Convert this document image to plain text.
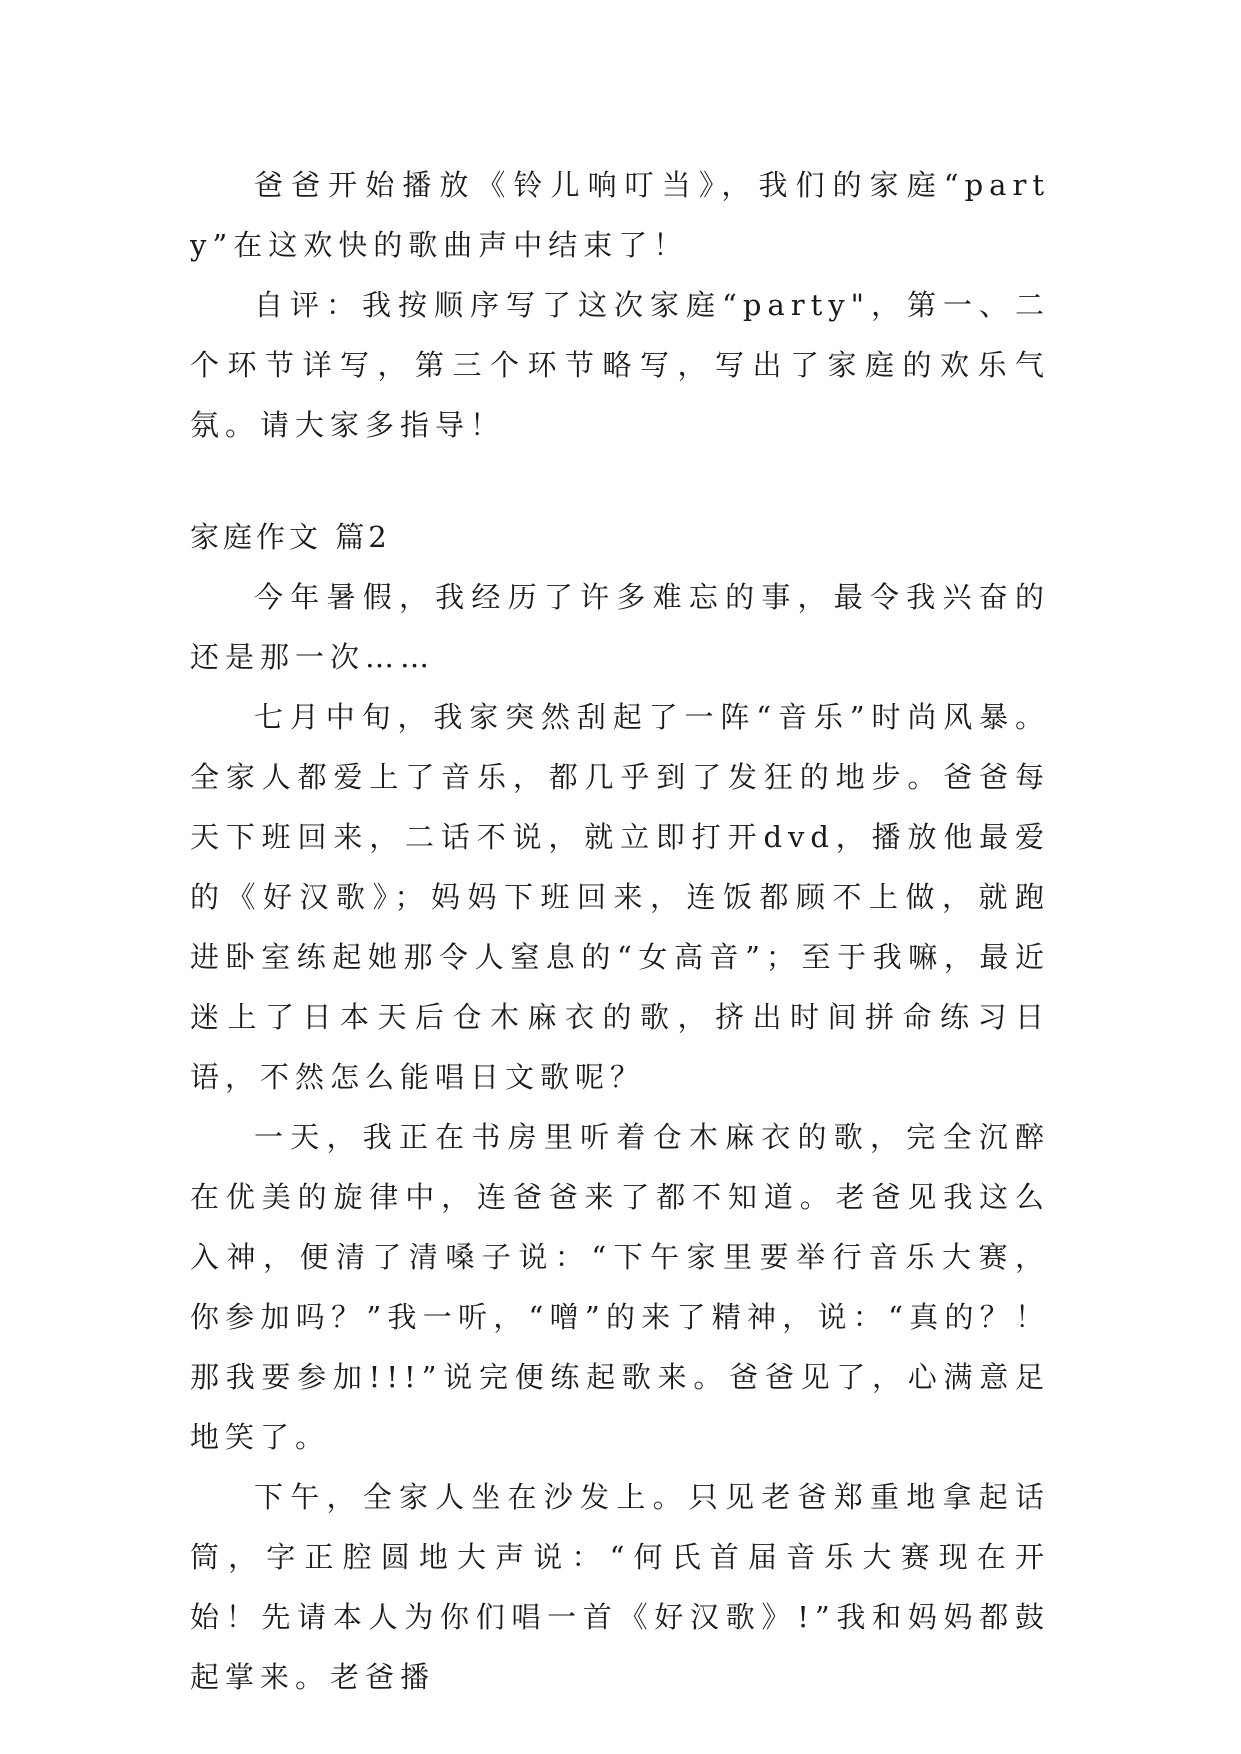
爸爸开始播放《铃儿响叮当》，我们的家庭“party”在这欢快的歌曲声中结束了！

自评：我按顺序写了这次家庭“party"，第一、二个环节详写，第三个环节略写，写出了家庭的欢乐气氛。请大家多指导！

家庭作文 篇2

今年暑假，我经历了许多难忘的事，最令我兴奋的还是那一次……

七月中旬，我家突然刮起了一阵“音乐”时尚风暴。全家人都爱上了音乐，都几乎到了发狂的地步。爸爸每天下班回来，二话不说，就立即打开dvd，播放他最爱的《好汉歌》；妈妈下班回来，连饭都顾不上做，就跑进卧室练起她那令人窒息的“女高音”；至于我嘛，最近迷上了日本天后仓木麻衣的歌，挤出时间拼命练习日语，不然怎么能唱日文歌呢？

一天，我正在书房里听着仓木麻衣的歌，完全沉醉在优美的旋律中，连爸爸来了都不知道。老爸见我这么入神，便清了清嗓子说：“下午家里要举行音乐大赛，你参加吗？”我一听，“噌”的来了精神，说：“真的？！那我要参加!!!”说完便练起歌来。爸爸见了，心满意足地笑了。

下午，全家人坐在沙发上。只见老爸郑重地拿起话筒，字正腔圆地大声说：“何氏首届音乐大赛现在开始！先请本人为你们唱一首《好汉歌》!”我和妈妈都鼓起掌来。老爸播
